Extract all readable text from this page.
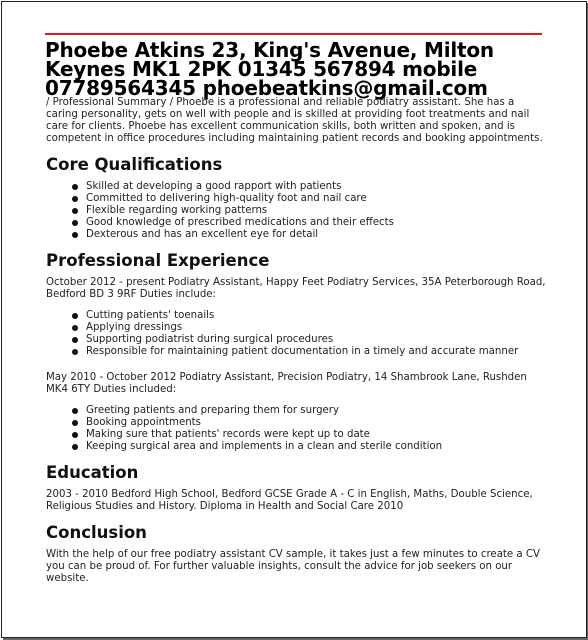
Phoebe Atkins 23, King's Avenue, Milton
Keynes MK1 2PK 01345 567894 mobile
07789564345 phoebeatkins@gmail.com

/ Professional Summary / Phoebe is a professional and reliable podiatry assistant. She has a caring personality, gets on well with people and is skilled at providing foot treatments and nail care for clients. Phoebe has excellent communication skills, both written and spoken, and is competent in office procedures including maintaining patient records and booking appointments.

Core Qualifications
Skilled at developing a good rapport with patients
Committed to delivering high-quality foot and nail care
Flexible regarding working patterns
Good knowledge of prescribed medications and their effects
Dexterous and has an excellent eye for detail
Professional Experience

October 2012 - present Podiatry Assistant, Happy Feet Podiatry Services, 35A Peterborough Road, Bedford BD 3 9RF Duties include:

Cutting patients' toenails
Applying dressings
Supporting podiatrist during surgical procedures
Responsible for maintaining patient documentation in a timely and accurate manner

May 2010 - October 2012 Podiatry Assistant, Precision Podiatry, 14 Shambrook Lane, Rushden MK4 6TY Duties included:

Greeting patients and preparing them for surgery
Booking appointments
Making sure that patients' records were kept up to date
Keeping surgical area and implements in a clean and sterile condition
Education

2003 - 2010 Bedford High School, Bedford GCSE Grade A - C in English, Maths, Double Science, Religious Studies and History. Diploma in Health and Social Care 2010

Conclusion

With the help of our free podiatry assistant CV sample, it takes just a few minutes to create a CV you can be proud of. For further valuable insights, consult the advice for job seekers on our website.
